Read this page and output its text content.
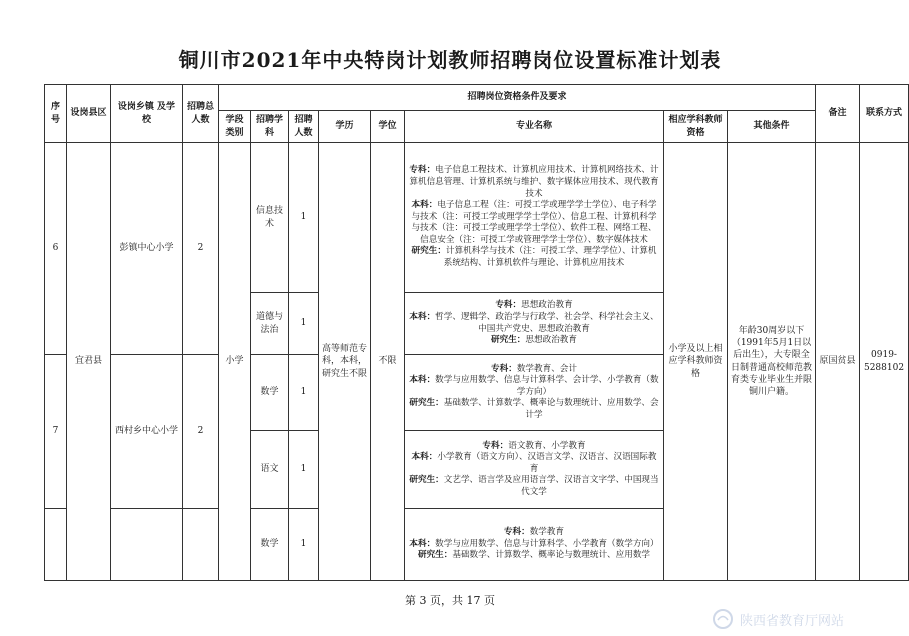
铜川市2021年中央特岗计划教师招聘岗位设置标准计划表
序号	设岗县区	设岗乡镇 及学校	招聘总人数	招聘岗位资格条件及要求								备注	联系方式
				学段类别	招聘学科	招聘人数	学历	学位	专业名称	相应学科教师资格	其他条件		
6	宜君县	彭镇中心小学	2	小学	信息技术	1	高等师范专科，本科，研究生不限	不限	专科：电子信息工程技术、计算机应用技术、计算机网络技术、计算机信息管理、计算机系统与维护、数字媒体应用技术、现代教育技术
本科：电子信息工程（注：可授工学或理学学士学位）、电子科学与技术（注：可授工学或理学学士学位）、信息工程、计算机科学与技术（注：可授工学或理学学士学位）、软件工程、网络工程、信息安全（注：可授工学或管理学学士学位）、数字媒体技术
研究生：计算机科学与技术（注：可授工学、理学学位）、计算机系统结构、计算机软件与理论、计算机应用技术	小学及以上相应学科教师资格	年龄30周岁以下（1991年5月1日以后出生），大专限全日制普通高校师范教育类专业毕业生并限铜川户籍。	原国贫县	0919-5288102
					道德与法治	1			专科：思想政治教育
本科：哲学、逻辑学、政治学与行政学、社会学、科学社会主义、中国共产党史、思想政治教育
研究生：思想政治教育				
7		西村乡中心小学	2		数学	1			专科：数学教育、会计
本科：数学与应用数学、信息与计算科学、会计学、小学教育（数学方向）
研究生：基础数学、计算数学、概率论与数理统计、应用数学、会计学				
					语文	1			专科：语文教育、小学教育
本科：小学教育（语文方向）、汉语言文学、汉语言、汉语国际教育
研究生：文艺学、语言学及应用语言学、汉语言文字学、中国现当代文学				
					数学	1			专科：数学教育
本科：数学与应用数学、信息与计算科学、小学教育（数学方向）
研究生：基础数学、计算数学、概率论与数理统计、应用数学				
第 3 页，共 17 页
陕西省教育厅网站
